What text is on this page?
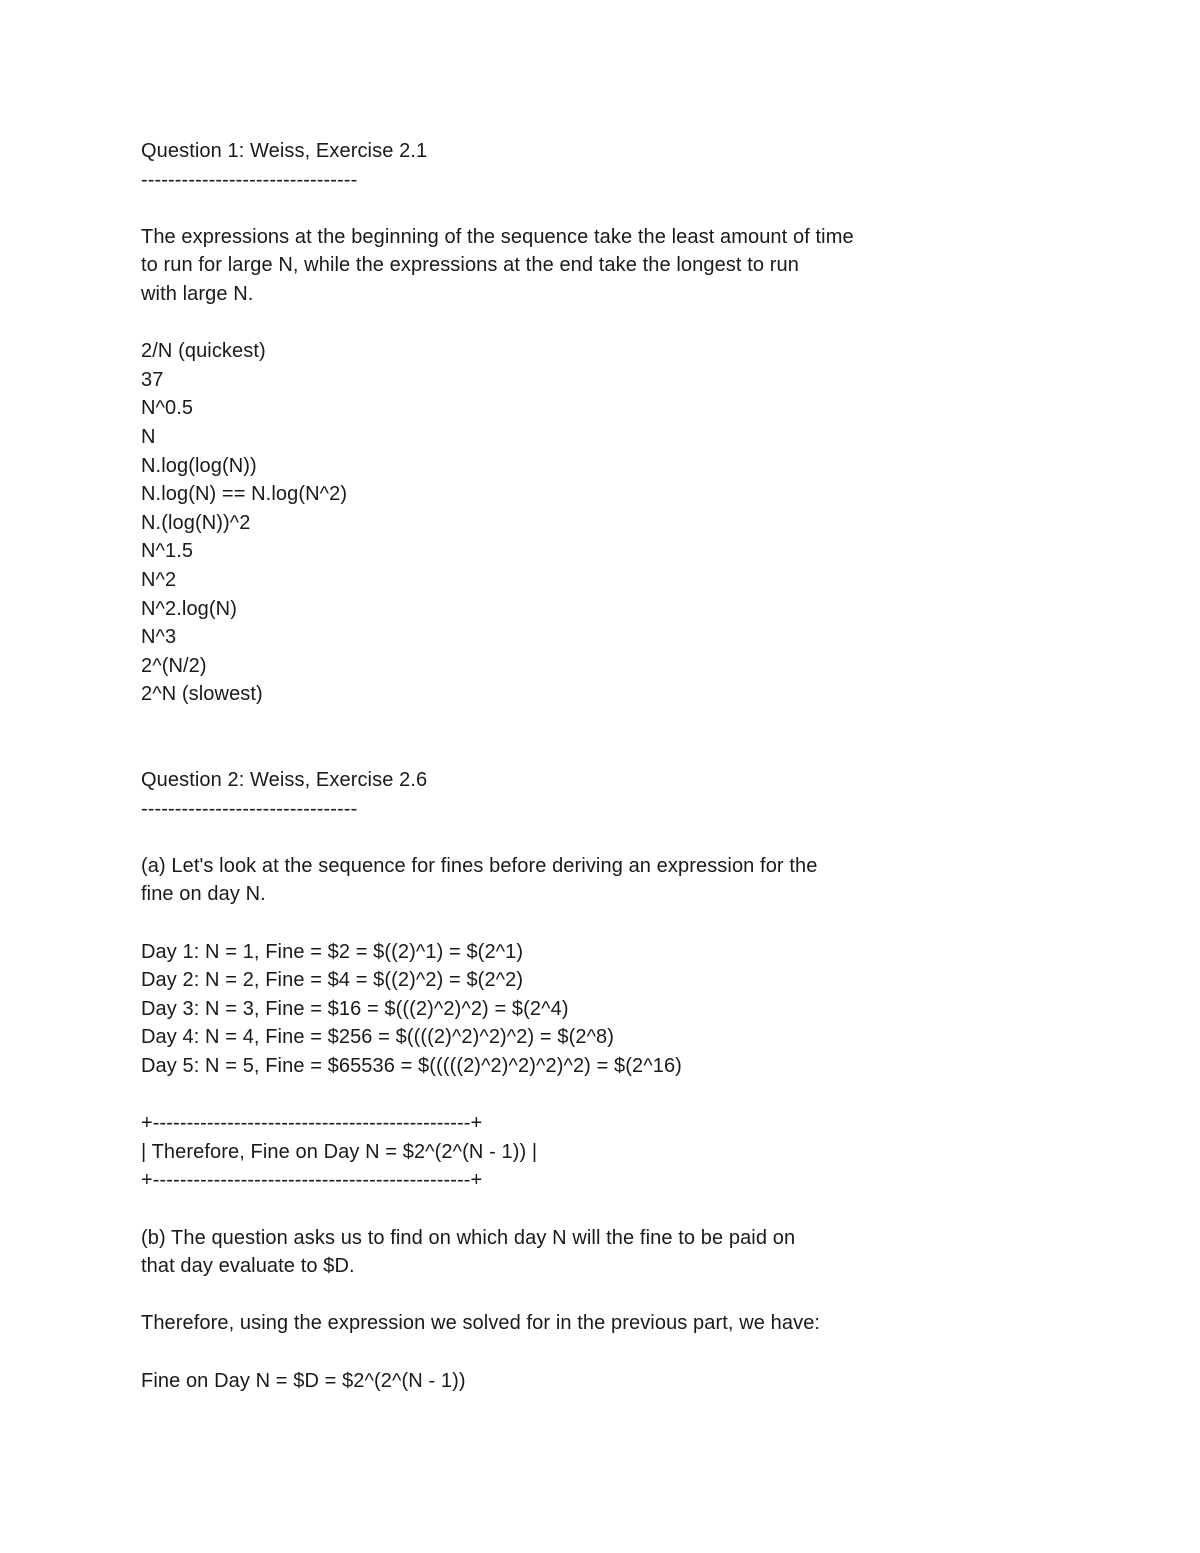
Question 1: Weiss, Exercise 2.1

--------------------------------

The expressions at the beginning of the sequence take the least amount of time

to run for large N, while the expressions at the end take the longest to run

with large N.

2/N (quickest)

37

N^0.5

N

N.log(log(N))

N.log(N) == N.log(N^2)

N.(log(N))^2

N^1.5

N^2

N^2.log(N)

N^3

2^(N/2)

2^N (slowest)

Question 2: Weiss, Exercise 2.6

--------------------------------

(a) Let's look at the sequence for fines before deriving an expression for the

fine on day N.

Day 1: N = 1, Fine = $2 = $((2)^1) = $(2^1)

Day 2: N = 2, Fine = $4 = $((2)^2) = $(2^2)

Day 3: N = 3, Fine = $16 = $(((2)^2)^2) = $(2^4)

Day 4: N = 4, Fine = $256 = $((((2)^2)^2)^2) = $(2^8)

Day 5: N = 5, Fine = $65536 = $(((((2)^2)^2)^2)^2) = $(2^16)

+-----------------------------------------------+

| Therefore, Fine on Day N = $2^(2^(N - 1)) |

+-----------------------------------------------+

(b) The question asks us to find on which day N will the fine to be paid on

that day evaluate to $D.

Therefore, using the expression we solved for in the previous part, we have:

Fine on Day N = $D = $2^(2^(N - 1))
